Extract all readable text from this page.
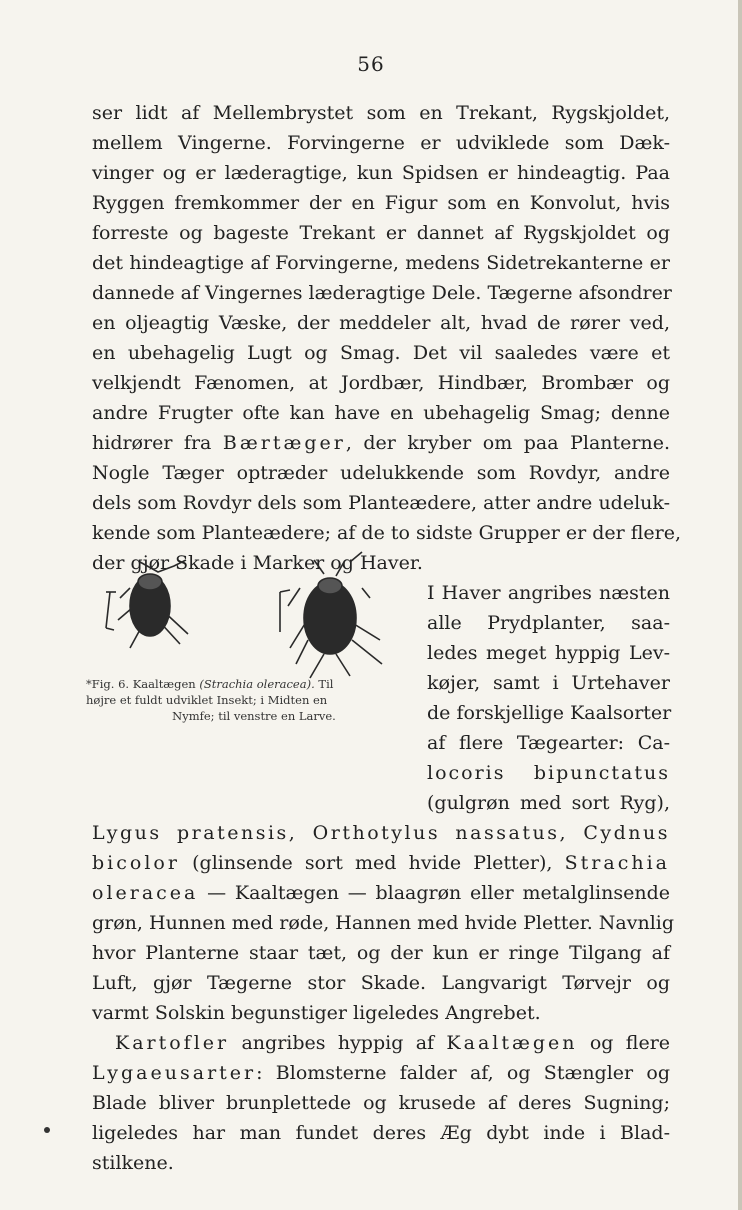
56
ser lidt af Mellembrystet som en Trekant, Rygskjoldet,
mellem Vingerne. Forvingerne er udviklede som Dæk-
vinger og er læderagtige, kun Spidsen er hindeagtig. Paa
Ryggen fremkommer der en Figur som en Konvolut, hvis
forreste og bageste Trekant er dannet af Rygskjoldet og
det hindeagtige af Forvingerne, medens Sidetrekanterne er
dannede af Vingernes læderagtige Dele. Tægerne afsondrer
en oljeagtig Væske, der meddeler alt, hvad de rører ved,
en ubehagelig Lugt og Smag. Det vil saaledes være et
velkjendt Fænomen, at Jordbær, Hindbær, Brombær og
andre Frugter ofte kan have en ubehagelig Smag; denne
hidrører fra Bærtæger, der kryber om paa Planterne.
Nogle Tæger optræder udelukkende som Rovdyr, andre
dels som Rovdyr dels som Planteædere, atter andre udeluk-
kende som Planteædere; af de to sidste Grupper er der flere,
der gjør Skade i Marker og Haver.
I Haver angribes næsten
alle Prydplanter, saa-
ledes meget hyppig Lev-
køjer, samt i Urtehaver
de forskjellige Kaalsorter
af flere Tægearter: Ca-
locoris bipunctatus
(gulgrøn med sort Ryg),
Lygus pratensis, Orthotylus nassatus, Cydnus
bicolor (glinsende sort med hvide Pletter), Strachia
oleracea — Kaaltægen — blaagrøn eller metalglinsende
grøn, Hunnen med røde, Hannen med hvide Pletter. Navnlig
hvor Planterne staar tæt, og der kun er ringe Tilgang af
Luft, gjør Tægerne stor Skade. Langvarigt Tørvejr og
varmt Solskin begunstiger ligeledes Angrebet.
Kartofler angribes hyppig af Kaaltægen og flere
Lygaeusarter: Blomsterne falder af, og Stængler og
Blade bliver brunplettede og krusede af deres Sugning;
ligeledes har man fundet deres Æg dybt inde i Blad-
stilkene.
*Fig. 6. Kaaltægen (Strachia oleracea). Til
højre et fuldt udviklet Insekt; i Midten en
Nymfe; til venstre en Larve.
